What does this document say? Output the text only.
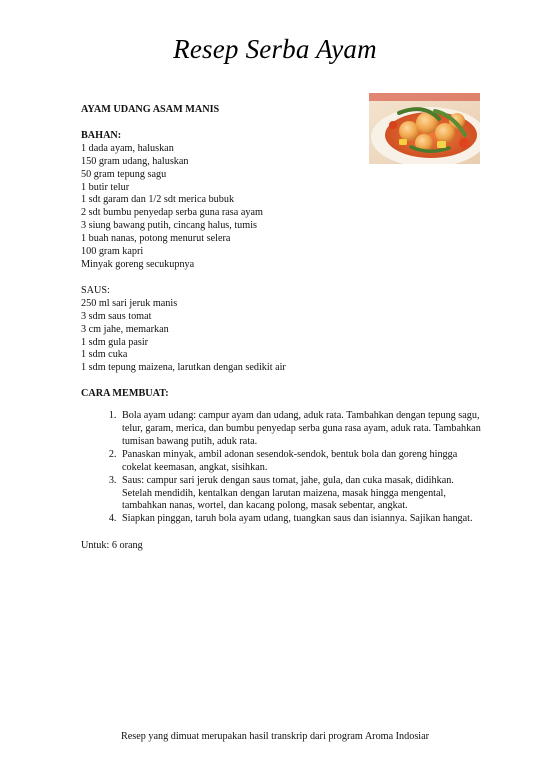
Resep Serba Ayam

AYAM UDANG ASAM MANIS

BAHAN:

1 dada ayam, haluskan

150 gram udang, haluskan

50 gram tepung sagu

1 butir telur

1 sdt garam dan 1/2 sdt merica bubuk

2 sdt bumbu penyedap serba guna rasa ayam

3 siung bawang putih, cincang halus, tumis

1 buah nanas, potong menurut selera

100 gram kapri

Minyak goreng secukupnya

SAUS:

250 ml sari jeruk manis

3 sdm saus tomat

3 cm jahe, memarkan

1 sdm gula pasir

1 sdm cuka

1 sdm tepung maizena, larutkan dengan sedikit air

CARA MEMBUAT:

1. Bola ayam udang: campur ayam dan udang, aduk rata. Tambahkan dengan tepung sagu, telur, garam, merica, dan bumbu penyedap serba guna rasa ayam, aduk rata. Tambahkan tumisan bawang putih, aduk rata.
2. Panaskan minyak, ambil adonan sesendok-sendok, bentuk bola dan goreng hingga cokelat keemasan, angkat, sisihkan.
3. Saus: campur sari jeruk dengan saus tomat, jahe, gula, dan cuka masak, didihkan. Setelah mendidih, kentalkan dengan larutan maizena, masak hingga mengental, tambahkan nanas, wortel, dan kacang polong, masak sebentar, angkat.
4. Siapkan pinggan, taruh bola ayam udang, tuangkan saus dan isiannya. Sajikan hangat.

Untuk: 6 orang

Resep yang dimuat merupakan hasil transkrip dari program Aroma Indosiar
